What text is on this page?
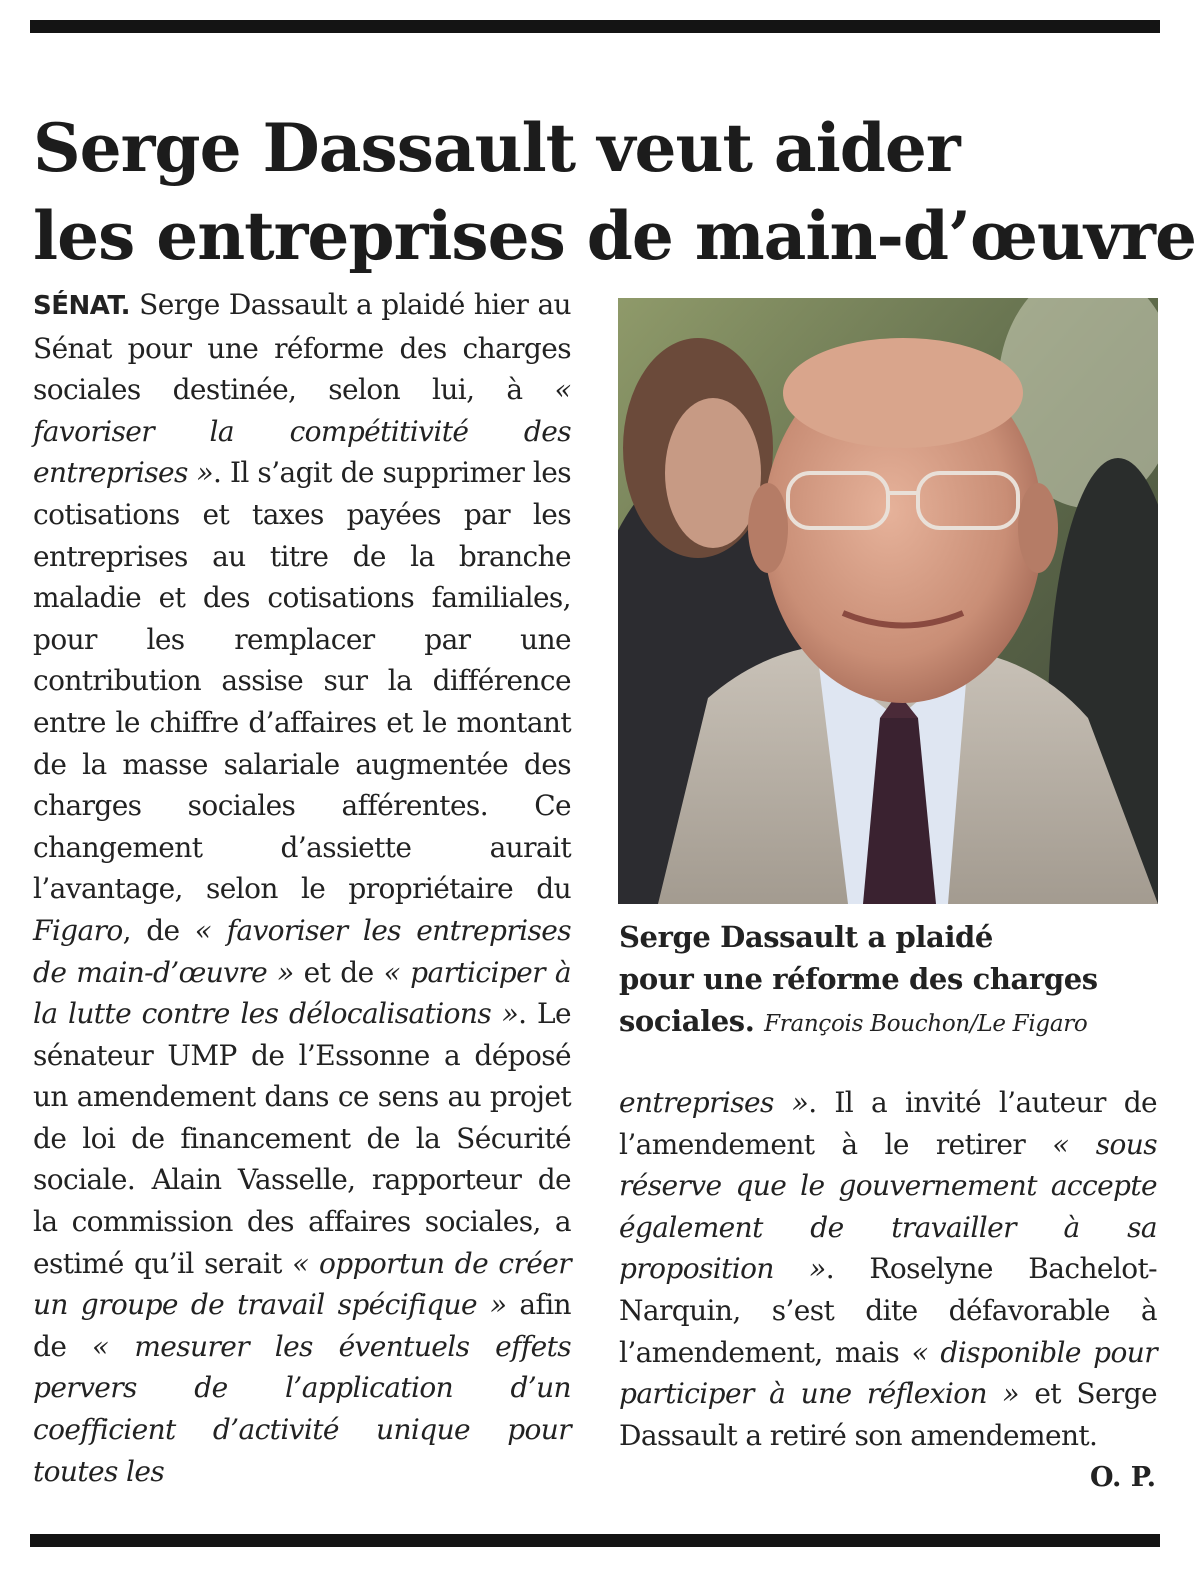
Serge Dassault veut aider
les entreprises de main-d’œuvre

SÉNAT. Serge Dassault a plaidé hier au Sénat pour une réforme des charges sociales destinée, selon lui, à « favoriser la compétitivité des entreprises ». Il s’agit de supprimer les cotisations et taxes payées par les entreprises au titre de la branche maladie et des cotisations familiales, pour les remplacer par une contribution assise sur la différence entre le chiffre d’affaires et le montant de la masse salariale augmentée des charges sociales afférentes. Ce changement d’assiette aurait l’avantage, selon le propriétaire du Figaro, de « favoriser les entreprises de main-d’œuvre » et de « participer à la lutte contre les délocalisations ». Le sénateur UMP de l’Essonne a déposé un amendement dans ce sens au projet de loi de financement de la Sécurité sociale. Alain Vasselle, rapporteur de la commission des affaires sociales, a estimé qu’il serait « opportun de créer un groupe de travail spécifique » afin de « mesurer les éventuels effets pervers de l’application d’un coefficient d’activité unique pour toutes les

Serge Dassault a plaidé
pour une réforme des charges
sociales. François Bouchon/Le Figaro

entreprises ». Il a invité l’auteur de l’amendement à le retirer « sous réserve que le gouvernement accepte également de travailler à sa proposition ». Roselyne Bachelot-Narquin, s’est dite défavorable à l’amendement, mais « disponible pour participer à une réflexion » et Serge Dassault a retiré son amendement.

O. P.
